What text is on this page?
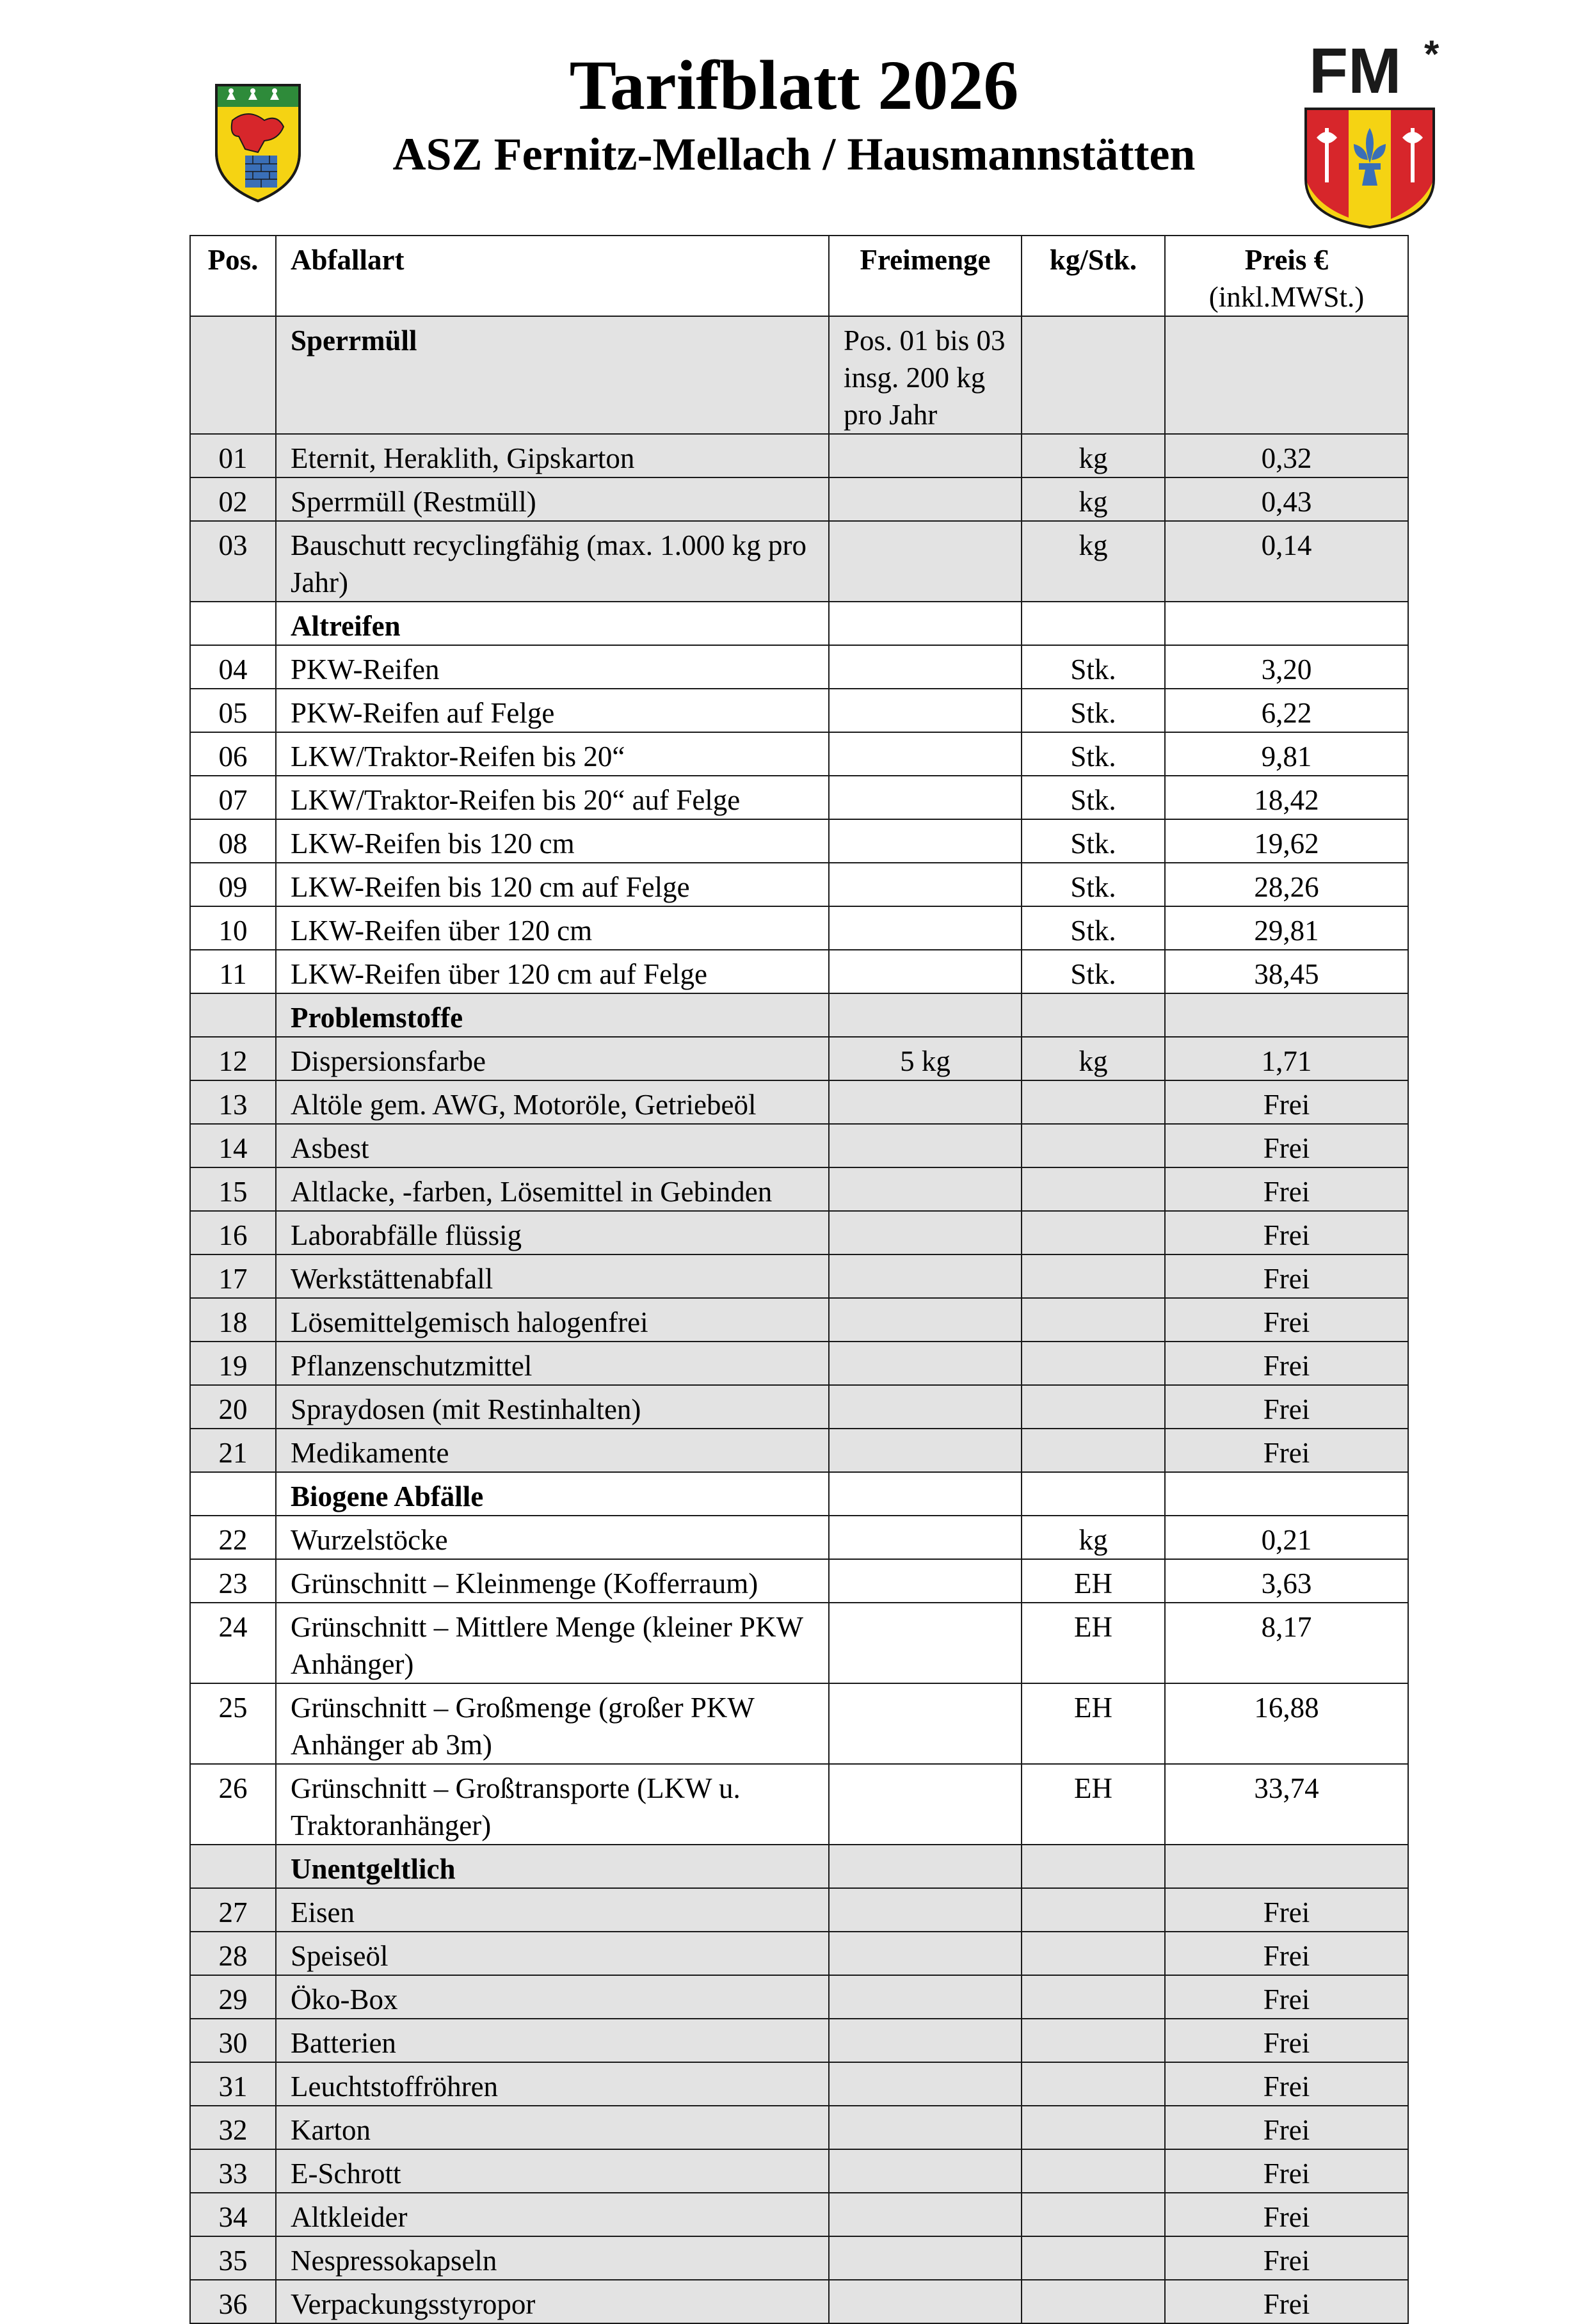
FM *
Tarifblatt 2026
ASZ Fernitz-Mellach / Hausmannstätten
Pos.	Abfallart	Freimenge	kg/Stk.	Preis €
(inkl.MWSt.)

	Sperrmüll	Pos. 01 bis 03 insg. 200 kg pro Jahr		
01	Eternit, Heraklith, Gipskarton		kg	0,32
02	Sperrmüll (Restmüll)		kg	0,43
03	Bauschutt recyclingfähig (max. 1.000 kg pro Jahr)		kg	0,14
	Altreifen			
04	PKW-Reifen		Stk.	3,20
05	PKW-Reifen auf Felge		Stk.	6,22
06	LKW/Traktor-Reifen bis 20“		Stk.	9,81
07	LKW/Traktor-Reifen bis 20“ auf Felge		Stk.	18,42
08	LKW-Reifen bis 120 cm		Stk.	19,62
09	LKW-Reifen bis 120 cm auf Felge		Stk.	28,26
10	LKW-Reifen über 120 cm		Stk.	29,81
11	LKW-Reifen über 120 cm auf Felge		Stk.	38,45
	Problemstoffe			
12	Dispersionsfarbe	5 kg	kg	1,71
13	Altöle gem. AWG, Motoröle, Getriebeöl			Frei
14	Asbest			Frei
15	Altlacke, -farben, Lösemittel in Gebinden			Frei
16	Laborabfälle flüssig			Frei
17	Werkstättenabfall			Frei
18	Lösemittelgemisch halogenfrei			Frei
19	Pflanzenschutzmittel			Frei
20	Spraydosen (mit Restinhalten)			Frei
21	Medikamente			Frei
	Biogene Abfälle			
22	Wurzelstöcke		kg	0,21
23	Grünschnitt – Kleinmenge (Kofferraum)		EH	3,63
24	Grünschnitt – Mittlere Menge (kleiner PKW Anhänger)		EH	8,17
25	Grünschnitt – Großmenge (großer PKW Anhänger ab 3m)		EH	16,88
26	Grünschnitt – Großtransporte (LKW u. Traktoranhänger)		EH	33,74
	Unentgeltlich			
27	Eisen			Frei
28	Speiseöl			Frei
29	Öko-Box			Frei
30	Batterien			Frei
31	Leuchtstoffröhren			Frei
32	Karton			Frei
33	E-Schrott			Frei
34	Altkleider			Frei
35	Nespressokapseln			Frei
36	Verpackungsstyropor			Frei
